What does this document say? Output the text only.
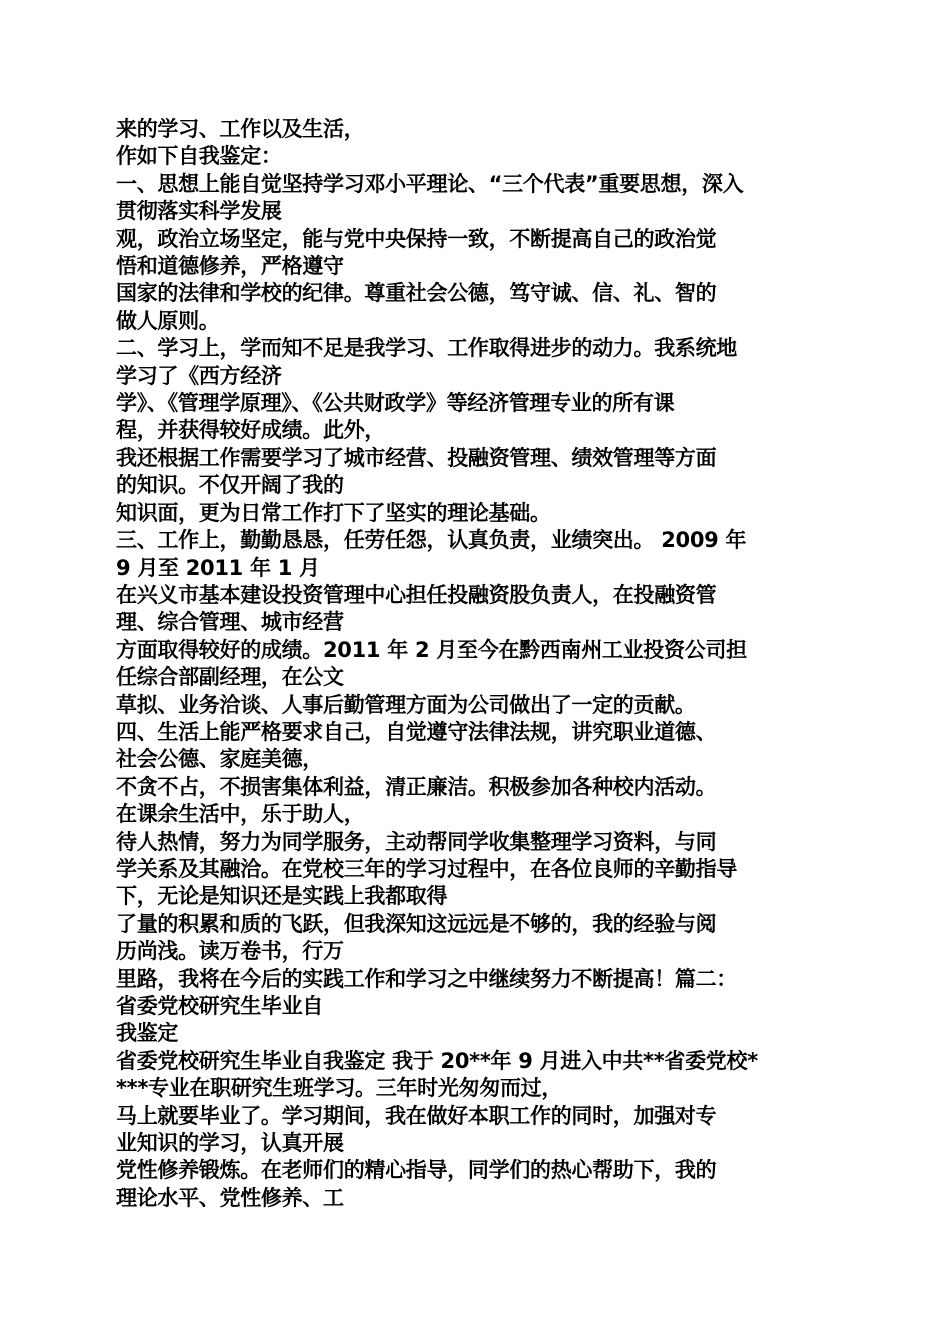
来的学习、工作以及生活，
作如下自我鉴定：
一、思想上能自觉坚持学习邓小平理论、“三个代表”重要思想，深入
贯彻落实科学发展
观，政治立场坚定，能与党中央保持一致，不断提高自己的政治觉
悟和道德修养，严格遵守
国家的法律和学校的纪律。尊重社会公德，笃守诚、信、礼、智的
做人原则。
二、学习上，学而知不足是我学习、工作取得进步的动力。我系统地
学习了《西方经济
学》、《管理学原理》、《公共财政学》等经济管理专业的所有课
程，并获得较好成绩。此外，
我还根据工作需要学习了城市经营、投融资管理、绩效管理等方面
的知识。不仅开阔了我的
知识面，更为日常工作打下了坚实的理论基础。
三、工作上，勤勤恳恳，任劳任怨，认真负责，业绩突出。 2009 年
9 月至 2011 年 1 月
在兴义市基本建设投资管理中心担任投融资股负责人，在投融资管
理、综合管理、城市经营
方面取得较好的成绩。2011 年 2 月至今在黔西南州工业投资公司担
任综合部副经理，在公文
草拟、业务洽谈、人事后勤管理方面为公司做出了一定的贡献。
四、生活上能严格要求自己，自觉遵守法律法规，讲究职业道德、
社会公德、家庭美德，
不贪不占，不损害集体利益，清正廉洁。积极参加各种校内活动。
在课余生活中，乐于助人，
待人热情，努力为同学服务，主动帮同学收集整理学习资料，与同
学关系及其融洽。在党校三年的学习过程中，在各位良师的辛勤指导
下，无论是知识还是实践上我都取得
了量的积累和质的飞跃，但我深知这远远是不够的，我的经验与阅
历尚浅。读万卷书，行万
里路，我将在今后的实践工作和学习之中继续努力不断提高！篇二：
省委党校研究生毕业自
我鉴定
省委党校研究生毕业自我鉴定 我于 20**年 9 月进入中共**省委党校*
***专业在职研究生班学习。三年时光匆匆而过，
马上就要毕业了。学习期间，我在做好本职工作的同时，加强对专
业知识的学习，认真开展
党性修养锻炼。在老师们的精心指导，同学们的热心帮助下，我的
理论水平、党性修养、工
